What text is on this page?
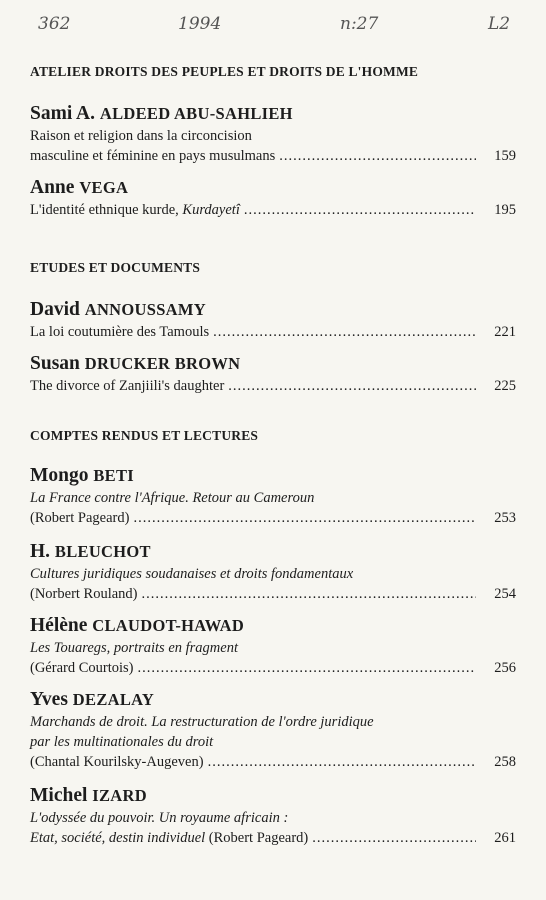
362	1994	n:27	L2
ATELIER DROITS DES PEUPLES ET DROITS DE L'HOMME
Sami A. ALDEED ABU-SAHLIEH
Raison et religion dans la circoncision
masculine et féminine en pays musulmans .....	159
Anne VEGA
L'identité ethnique kurde, Kurdayetî .....	195
ETUDES ET DOCUMENTS
David ANNOUSSAMY
La loi coutumière des Tamouls .....	221
Susan DRUCKER BROWN
The divorce of Zanjiili's daughter .....	225
COMPTES RENDUS ET LECTURES
Mongo BETI
La France contre l'Afrique. Retour au Cameroun
(Robert Pageard) .....	253
H. BLEUCHOT
Cultures juridiques soudanaises et droits fondamentaux
(Norbert Rouland) .....	254
Hélène CLAUDOT-HAWAD
Les Touaregs, portraits en fragment
(Gérard Courtois) .....	256
Yves DEZALAY
Marchands de droit. La restructuration de l'ordre juridique
par les multinationales du droit
(Chantal Kourilsky-Augeven) .....	258
Michel IZARD
L'odyssée du pouvoir. Un royaume africain :
Etat, société, destin individuel (Robert Pageard) .....	261
